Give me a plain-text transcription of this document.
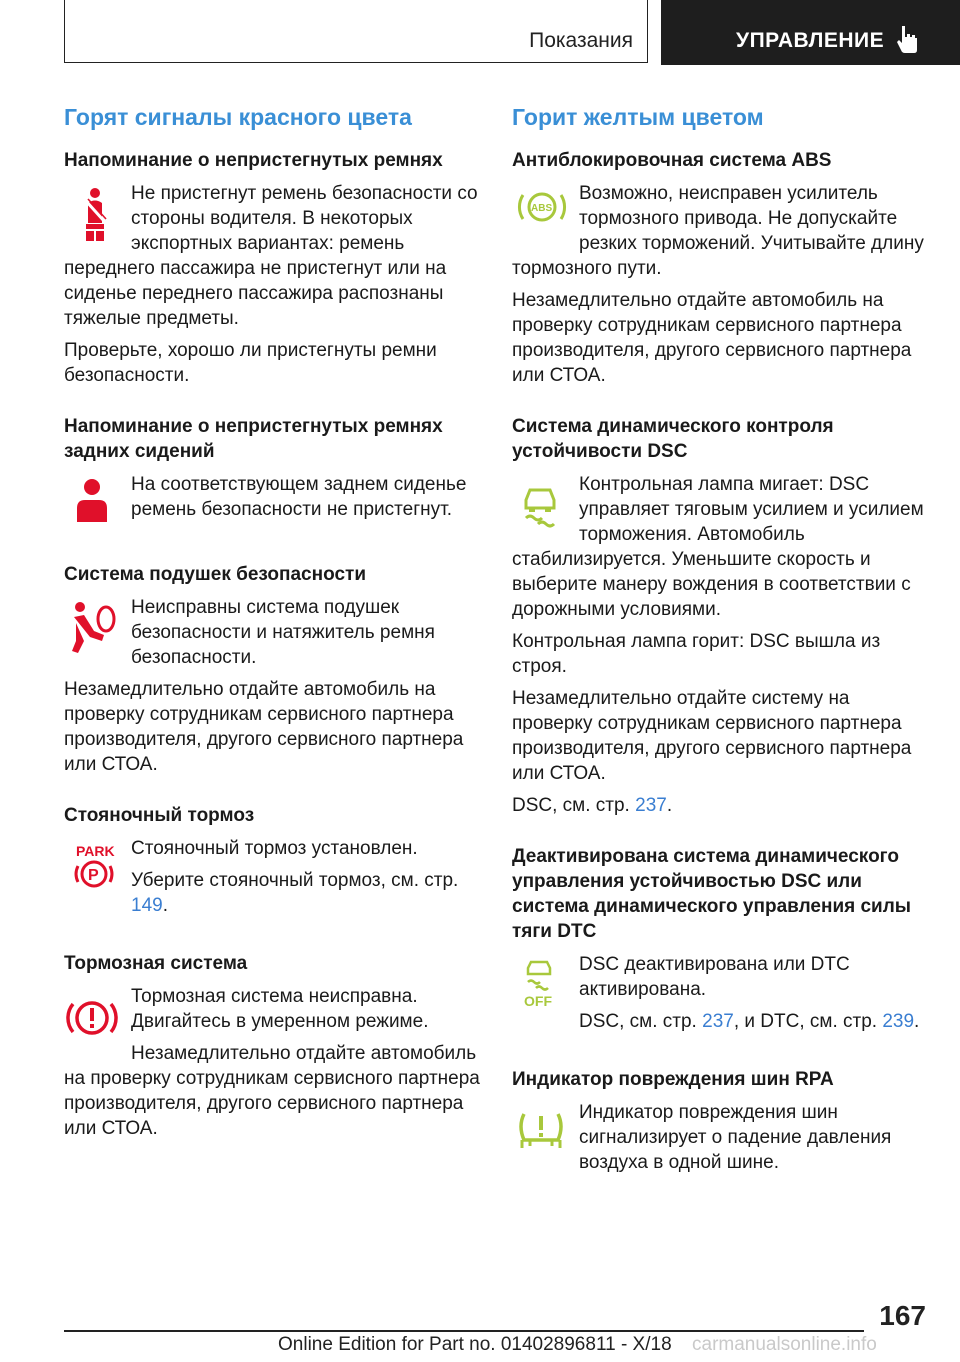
Показания	УПРАВЛЕНИЕ
Горят сигналы красного цвета
Напоминание о непристегнутых ремнях

Не пристегнут ремень безопасности со стороны водителя. В некоторых экспортных вариантах: ремень переднего пассажира не пристегнут или на сиденье переднего пассажира распознаны тяжелые предметы.

Проверьте, хорошо ли пристегнуты ремни безопасности.

Напоминание о непристегнутых ремнях задних сидений

На соответствующем заднем сиденье ремень безопасности не пристегнут.

Система подушек безопасности

Неисправны система подушек безопасности и натяжитель ремня безопасности.

Незамедлительно отдайте автомобиль на проверку сотрудникам сервисного партнера производителя, другого сервисного партнера или СТОА.

Стояночный тормоз
PARK
P

Стояночный тормоз установлен.

Уберите стояночный тормоз, см. стр. 149.

Тормозная система

Тормозная система неисправна. Двигайтесь в умеренном режиме.

Незамедлительно отдайте автомобиль на проверку сотрудникам сервисного партнера производителя, другого сервисного партнера или СТОА.

Горит желтым цветом
Антиблокировочная система ABS
ABS

Возможно, неисправен усилитель тормозного привода. Не допускайте резких торможений. Учитывайте длину тормозного пути.

Незамедлительно отдайте автомобиль на проверку сотрудникам сервисного партнера производителя, другого сервисного партнера или СТОА.

Система динамического контроля устойчивости DSC

Контрольная лампа мигает: DSC управляет тяговым усилием и усилием торможения. Автомобиль стабилизируется. Уменьшите скорость и выберите манеру вождения в соответствии с дорожными условиями.

Контрольная лампа горит: DSC вышла из строя.

Незамедлительно отдайте систему на проверку сотрудникам сервисного партнера производителя, другого сервисного партнера или СТОА.

DSC, см. стр. 237.

Деактивирована система динамического управления устойчивостью DSC или система динамического управления силы тяги DTC
OFF

DSC деактивирована или DTC активирована.

DSC, см. стр. 237, и DTC, см. стр. 239.

Индикатор повреждения шин RPA

Индикатор повреждения шин сигнализирует о падение давления воздуха в одной шине.

167
Online Edition for Part no. 01402896811 - X/18 carmanualsonline.info
